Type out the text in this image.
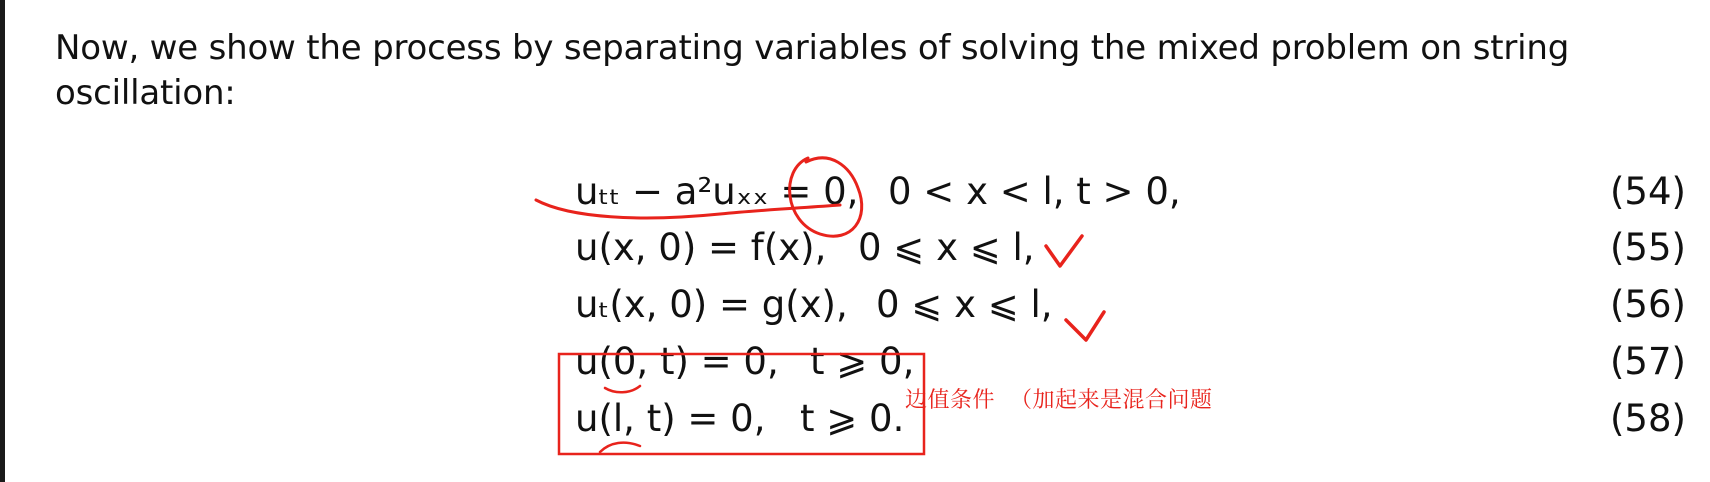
Now, we show the process by separating variables of solving the mixed problem on string oscillation:
uₜₜ − a²uₓₓ = 0, 0 < x < l, t > 0,	(54)
u(x, 0) = f(x), 0 ⩽ x ⩽ l,	(55)
uₜ(x, 0) = g(x), 0 ⩽ x ⩽ l,	(56)
u(0, t) = 0, t ⩾ 0,	(57)
u(l, t) = 0, t ⩾ 0.	(58)
边值条件  （加起来是混合问题
